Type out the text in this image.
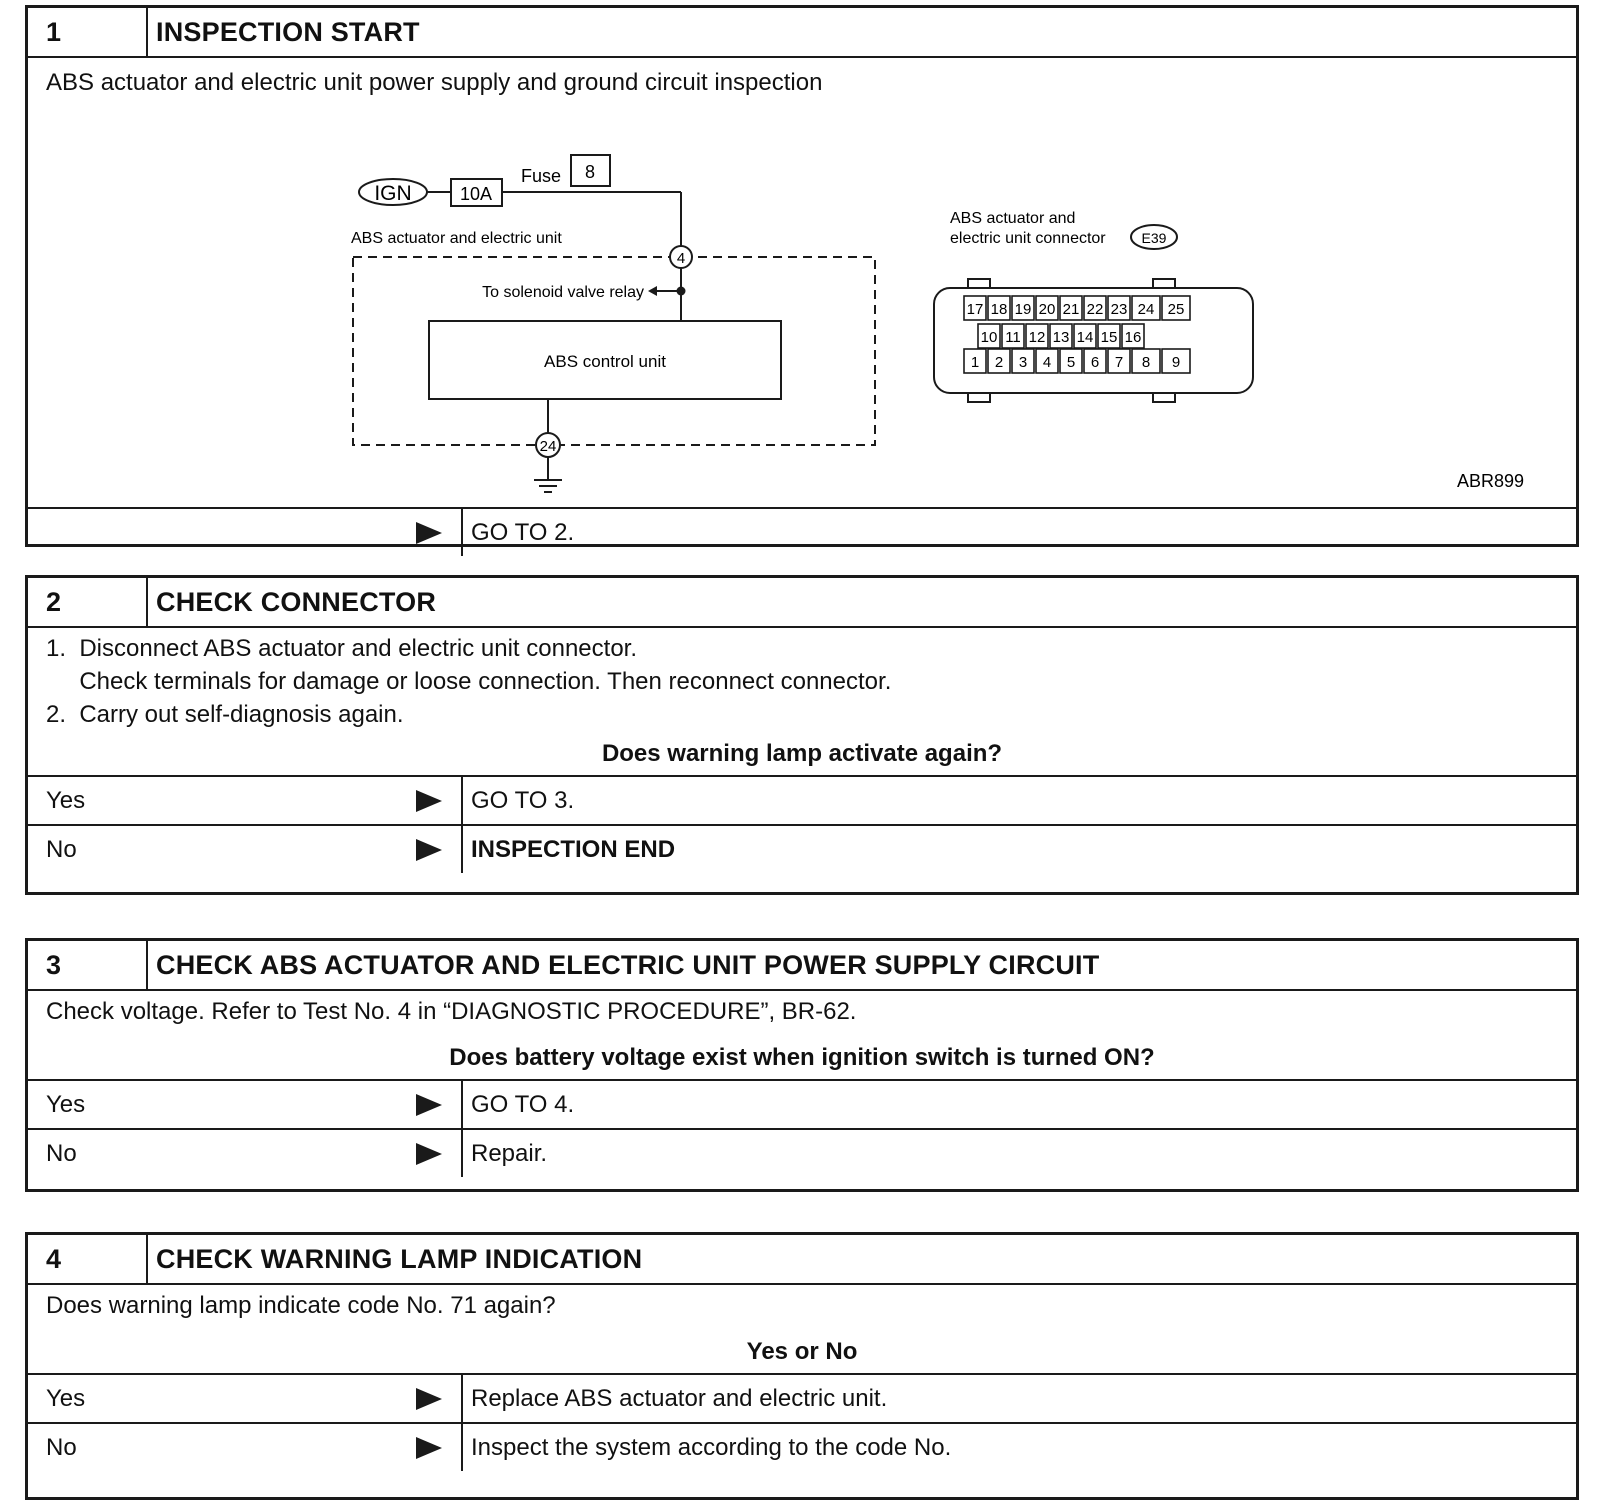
1	INSPECTION START
ABS actuator and electric unit power supply and ground circuit inspection
IGN	10A
Fuse 8
ABS actuator and electric unit
4
To solenoid valve relay
ABS control unit
24
ABS actuator and
electric unit connector	E39
17 18 19 20 21 22 23 24 25
10 11 12 13 14 15 16
1 2 3 4 5 6 7 8 9
ABR899
GO TO 2.
2	CHECK CONNECTOR
1.  Disconnect ABS actuator and electric unit connector.
Check terminals for damage or loose connection. Then reconnect connector.
2.  Carry out self-diagnosis again.
Does warning lamp activate again?
Yes	GO TO 3.
No	INSPECTION END
3	CHECK ABS ACTUATOR AND ELECTRIC UNIT POWER SUPPLY CIRCUIT
Check voltage. Refer to Test No. 4 in “DIAGNOSTIC PROCEDURE”, BR-62.
Does battery voltage exist when ignition switch is turned ON?
Yes	GO TO 4.
No	Repair.
4	CHECK WARNING LAMP INDICATION
Does warning lamp indicate code No. 71 again?
Yes or No
Yes	Replace ABS actuator and electric unit.
No	Inspect the system according to the code No.
